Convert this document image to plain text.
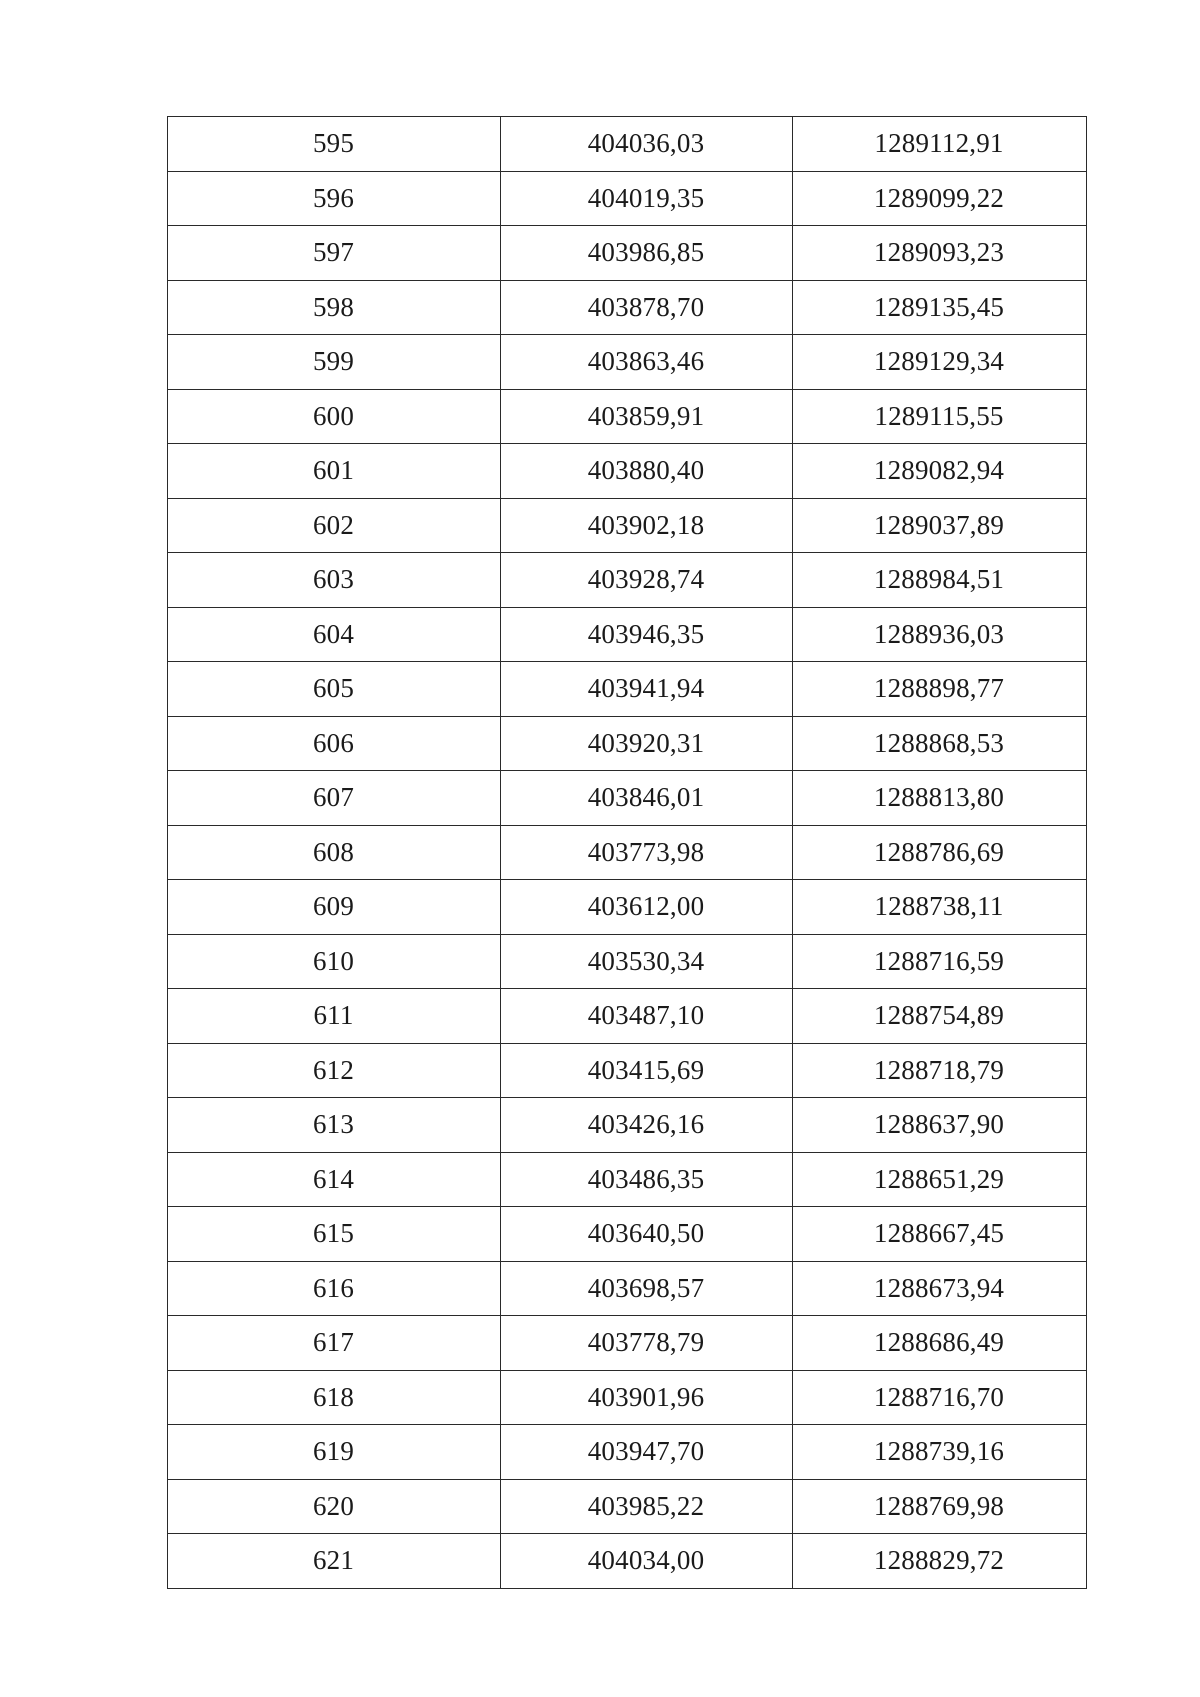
595	404036,03	1289112,91
596	404019,35	1289099,22
597	403986,85	1289093,23
598	403878,70	1289135,45
599	403863,46	1289129,34
600	403859,91	1289115,55
601	403880,40	1289082,94
602	403902,18	1289037,89
603	403928,74	1288984,51
604	403946,35	1288936,03
605	403941,94	1288898,77
606	403920,31	1288868,53
607	403846,01	1288813,80
608	403773,98	1288786,69
609	403612,00	1288738,11
610	403530,34	1288716,59
611	403487,10	1288754,89
612	403415,69	1288718,79
613	403426,16	1288637,90
614	403486,35	1288651,29
615	403640,50	1288667,45
616	403698,57	1288673,94
617	403778,79	1288686,49
618	403901,96	1288716,70
619	403947,70	1288739,16
620	403985,22	1288769,98
621	404034,00	1288829,72
